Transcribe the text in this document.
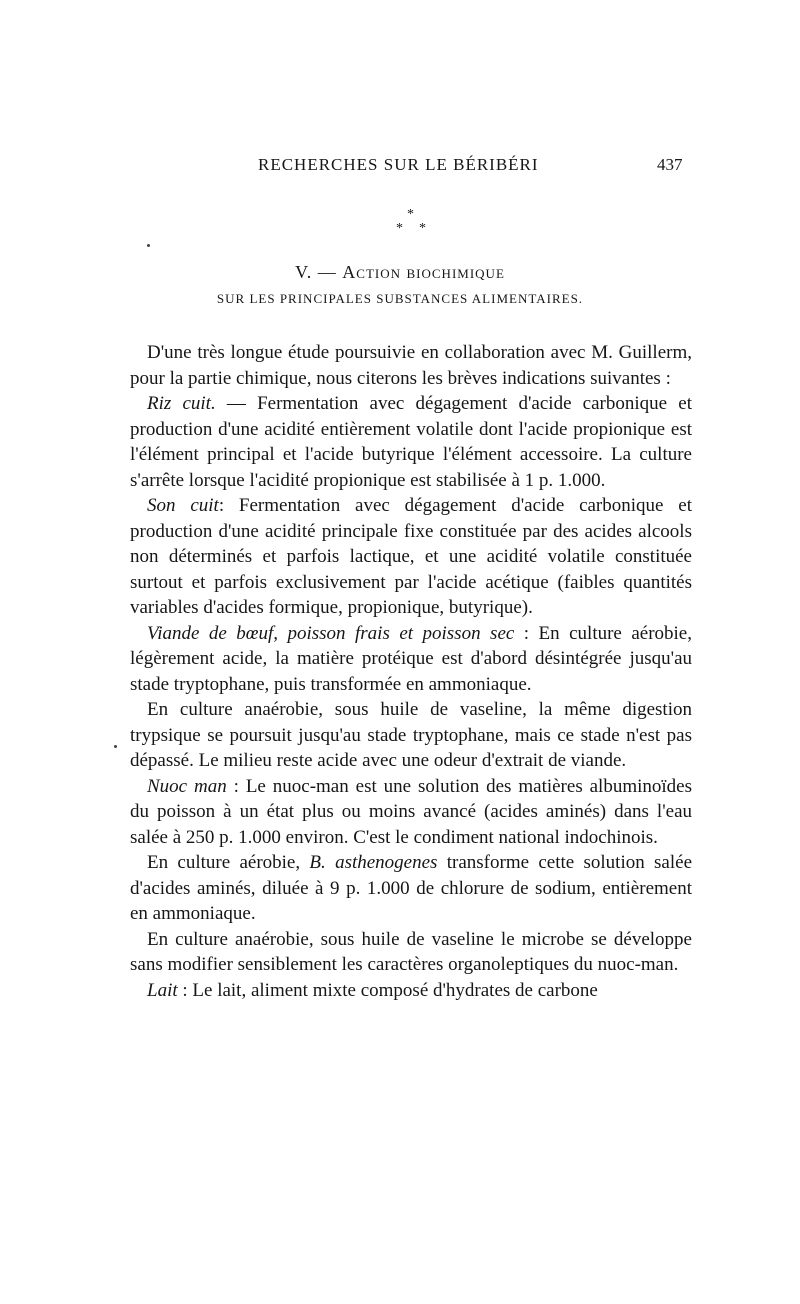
RECHERCHES SUR LE BÉRIBÉRI	437
*
* *
V. — Action biochimique
SUR LES PRINCIPALES SUBSTANCES ALIMENTAIRES.

D'une très longue étude poursuivie en collaboration avec M. Guillerm, pour la partie chimique, nous citerons les brèves indications suivantes :

Riz cuit. — Fermentation avec dégagement d'acide carbonique et production d'une acidité entièrement volatile dont l'acide propionique est l'élément principal et l'acide butyrique l'élément accessoire. La culture s'arrête lorsque l'acidité propionique est stabilisée à 1 p. 1.000.

Son cuit: Fermentation avec dégagement d'acide carbonique et production d'une acidité principale fixe constituée par des acides alcools non déterminés et parfois lactique, et une acidité volatile constituée surtout et parfois exclusivement par l'acide acétique (faibles quantités variables d'acides formique, propionique, butyrique).

Viande de bœuf, poisson frais et poisson sec : En culture aérobie, légèrement acide, la matière protéique est d'abord désintégrée jusqu'au stade tryptophane, puis transformée en ammoniaque.

En culture anaérobie, sous huile de vaseline, la même digestion trypsique se poursuit jusqu'au stade tryptophane, mais ce stade n'est pas dépassé. Le milieu reste acide avec une odeur d'extrait de viande.

Nuoc man : Le nuoc-man est une solution des matières albuminoïdes du poisson à un état plus ou moins avancé (acides aminés) dans l'eau salée à 250 p. 1.000 environ. C'est le condiment national indochinois.

En culture aérobie, B. asthenogenes transforme cette solution salée d'acides aminés, diluée à 9 p. 1.000 de chlorure de sodium, entièrement en ammoniaque.

En culture anaérobie, sous huile de vaseline le microbe se développe sans modifier sensiblement les caractères organoleptiques du nuoc-man.

Lait : Le lait, aliment mixte composé d'hydrates de carbone
